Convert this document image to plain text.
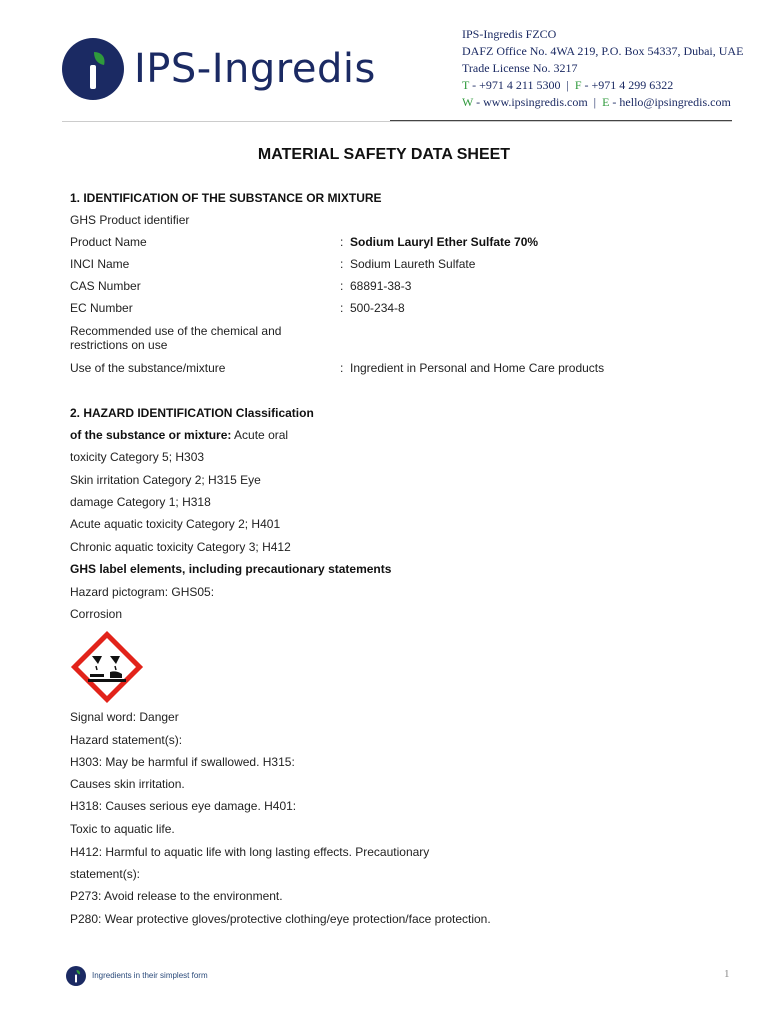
IPS-Ingredis
IPS-Ingredis FZCO
DAFZ Office No. 4WA 219, P.O. Box 54337, Dubai, UAE
Trade License No. 3217
T - +971 4 211 5300 | F - +971 4 299 6322
W - www.ipsingredis.com | E - hello@ipsingredis.com
MATERIAL SAFETY DATA SHEET
1. IDENTIFICATION OF THE SUBSTANCE OR MIXTURE
GHS Product identifier
Product Name	: Sodium Lauryl Ether Sulfate 70%
INCI Name	: Sodium Laureth Sulfate
CAS Number	: 68891-38-3
EC Number	: 500-234-8
Recommended use of the chemical and
restrictions on use
Use of the substance/mixture	: Ingredient in Personal and Home Care products
2. HAZARD IDENTIFICATION Classification
of the substance or mixture: Acute oral
toxicity Category 5; H303
Skin irritation Category 2; H315 Eye
damage Category 1; H318
Acute aquatic toxicity Category 2; H401
Chronic aquatic toxicity Category 3; H412
GHS label elements, including precautionary statements
Hazard pictogram: GHS05:
Corrosion
Signal word: Danger
Hazard statement(s):
H303: May be harmful if swallowed. H315:
Causes skin irritation.
H318: Causes serious eye damage. H401:
Toxic to aquatic life.
H412: Harmful to aquatic life with long lasting effects. Precautionary
statement(s):
P273: Avoid release to the environment.
P280: Wear protective gloves/protective clothing/eye protection/face protection.
Ingredients in their simplest form	1
